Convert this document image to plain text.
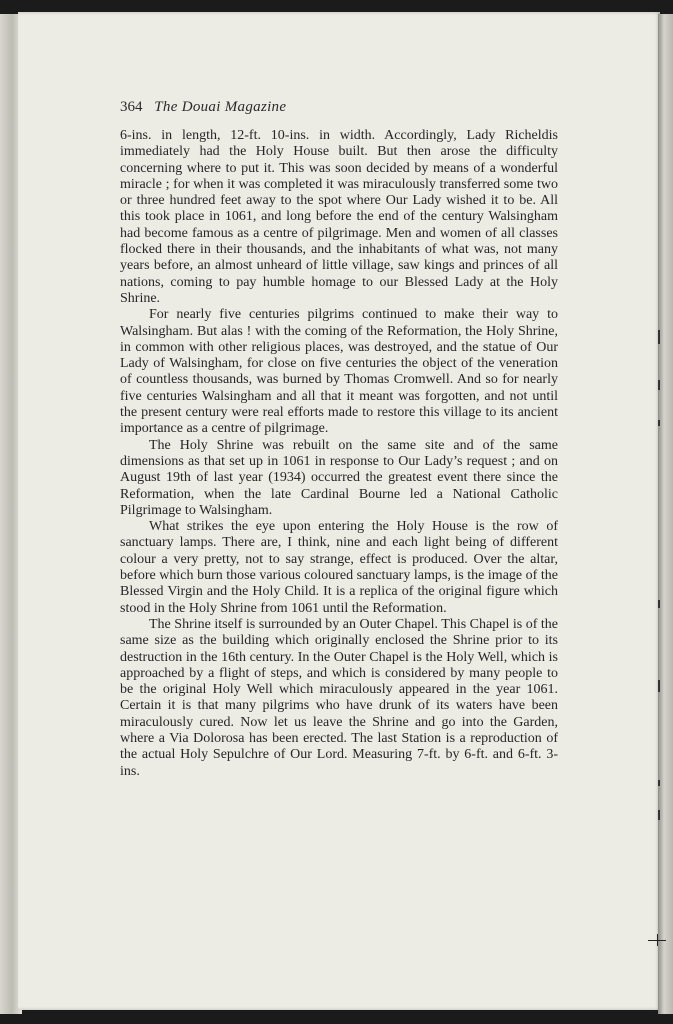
364 The Douai Magazine

6-ins. in length, 12-ft. 10-ins. in width. Accordingly, Lady Richeldis immediately had the Holy House built. But then arose the difficulty concerning where to put it. This was soon decided by means of a wonderful miracle ; for when it was completed it was miraculously transferred some two or three hundred feet away to the spot where Our Lady wished it to be. All this took place in 1061, and long before the end of the century Walsingham had become famous as a centre of pilgrimage. Men and women of all classes flocked there in their thousands, and the inhabitants of what was, not many years before, an almost unheard of little village, saw kings and princes of all nations, coming to pay humble homage to our Blessed Lady at the Holy Shrine.

For nearly five centuries pilgrims continued to make their way to Walsingham. But alas ! with the coming of the Reformation, the Holy Shrine, in common with other religious places, was destroyed, and the statue of Our Lady of Walsingham, for close on five centuries the object of the veneration of countless thousands, was burned by Thomas Cromwell. And so for nearly five centuries Walsingham and all that it meant was forgotten, and not until the present century were real efforts made to restore this village to its ancient importance as a centre of pilgrimage.

The Holy Shrine was rebuilt on the same site and of the same dimensions as that set up in 1061 in response to Our Lady’s request ; and on August 19th of last year (1934) occurred the greatest event there since the Reformation, when the late Cardinal Bourne led a National Catholic Pilgrimage to Walsingham.

What strikes the eye upon entering the Holy House is the row of sanctuary lamps. There are, I think, nine and each light being of different colour a very pretty, not to say strange, effect is produced. Over the altar, before which burn those various coloured sanctuary lamps, is the image of the Blessed Virgin and the Holy Child. It is a replica of the original figure which stood in the Holy Shrine from 1061 until the Reformation.

The Shrine itself is surrounded by an Outer Chapel. This Chapel is of the same size as the building which originally enclosed the Shrine prior to its destruction in the 16th century. In the Outer Chapel is the Holy Well, which is approached by a flight of steps, and which is considered by many people to be the original Holy Well which miraculously appeared in the year 1061. Certain it is that many pilgrims who have drunk of its waters have been miraculously cured. Now let us leave the Shrine and go into the Garden, where a Via Dolorosa has been erected. The last Station is a reproduction of the actual Holy Sepulchre of Our Lord. Measuring 7-ft. by 6-ft. and 6-ft. 3-ins.
